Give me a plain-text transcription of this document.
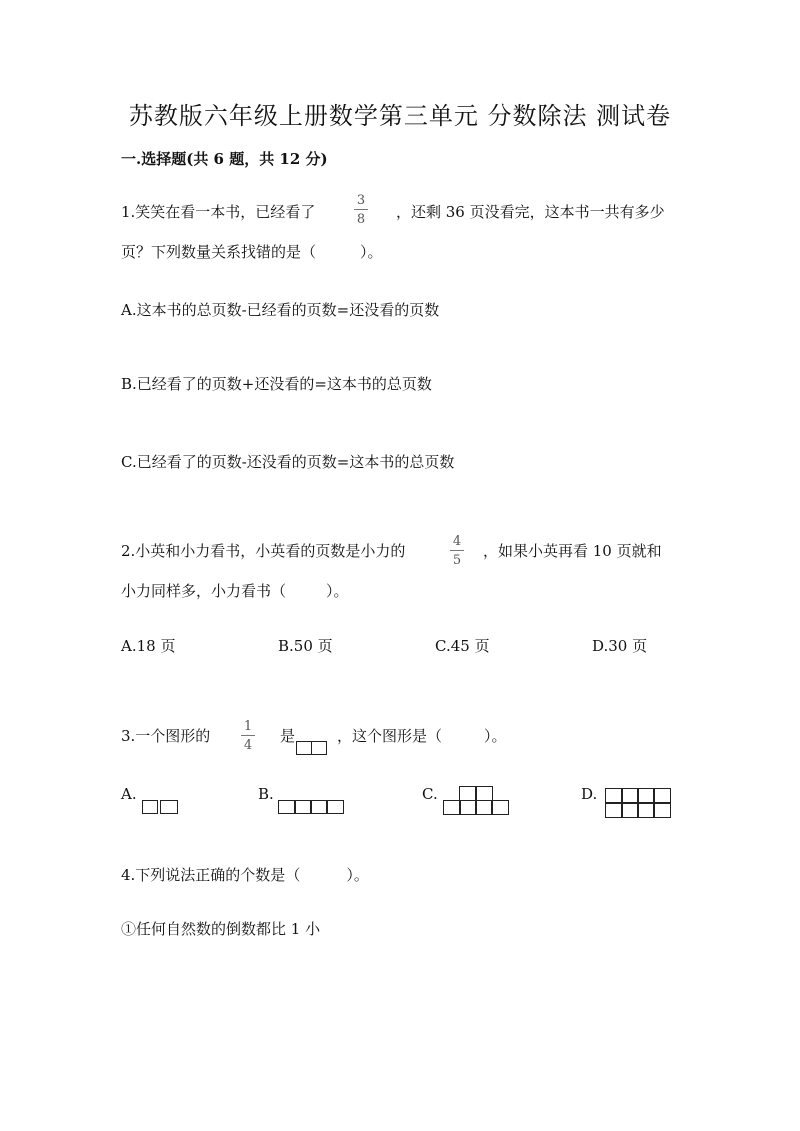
苏教版六年级上册数学第三单元 分数除法 测试卷
一.选择题(共 6 题，共 12 分)
1.笑笑在看一本书，已经看了
3
8 ，还剩 36 页没看完，这本书一共有多少
页？下列数量关系找错的是（	）。
A.这本书的总页数-已经看的页数=还没看的页数
B.已经看了的页数+还没看的=这本书的总页数
C.已经看了的页数-还没看的页数=这本书的总页数
2.小英和小力看书，小英看的页数是小力的
4
5
，如果小英再看 10 页就和
小力同样多，小力看书（	）。
A.18 页	B.50 页	C.45 页	D.30 页
3.一个图形的
1
4
是	，这个图形是（	）。
A.	B.	C.	D.
4.下列说法正确的个数是（	）。
①任何自然数的倒数都比 1 小
